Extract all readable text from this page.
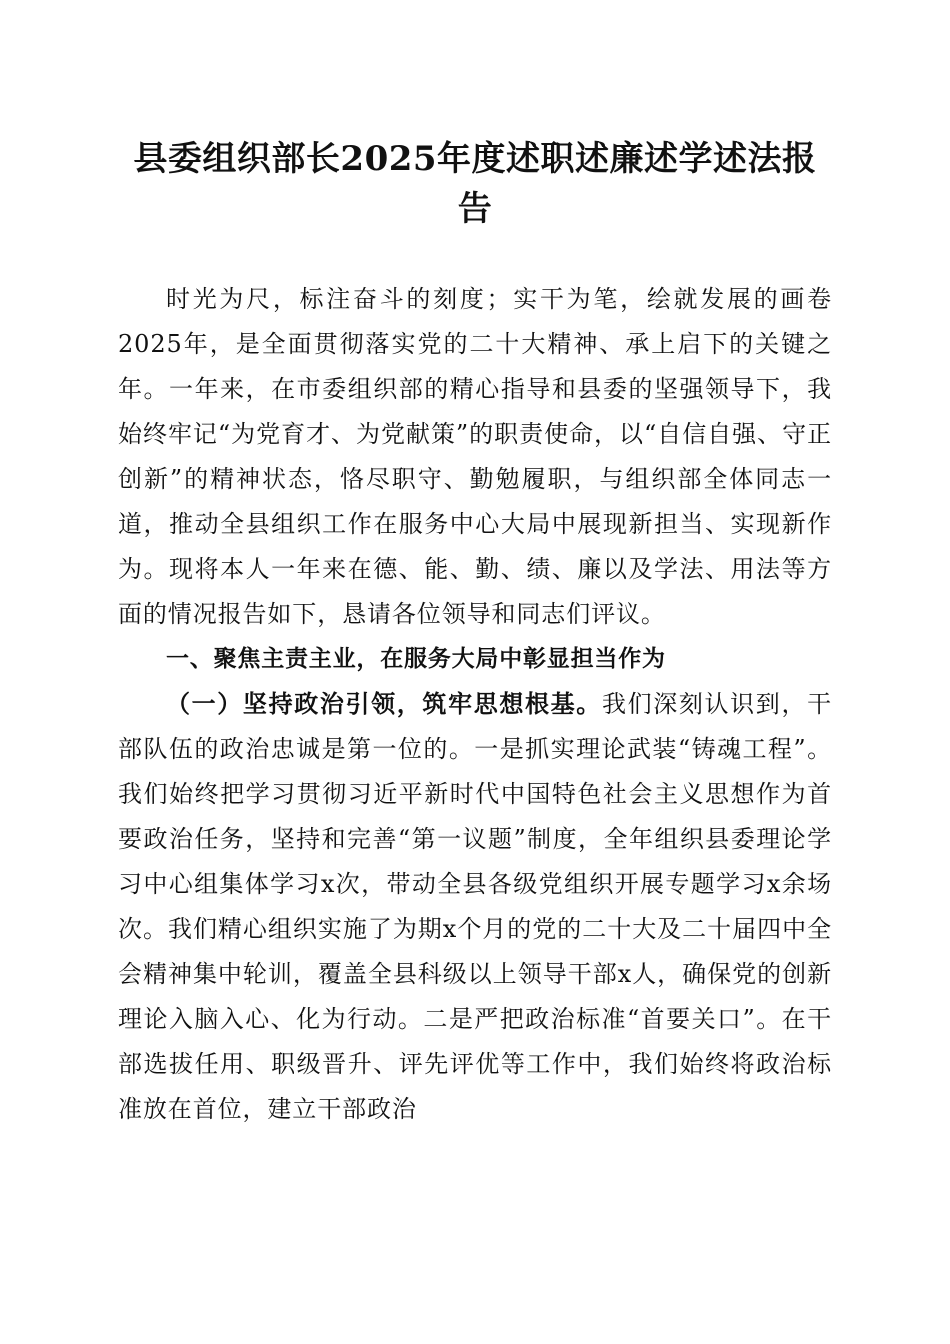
县委组织部长2025年度述职述廉述学述法报告

时光为尺，标注奋斗的刻度；实干为笔，绘就发展的画卷2025年，是全面贯彻落实党的二十大精神、承上启下的关键之年。一年来，在市委组织部的精心指导和县委的坚强领导下，我始终牢记“为党育才、为党献策”的职责使命，以“自信自强、守正创新”的精神状态，恪尽职守、勤勉履职，与组织部全体同志一道，推动全县组织工作在服务中心大局中展现新担当、实现新作为。现将本人一年来在德、能、勤、绩、廉以及学法、用法等方面的情况报告如下，恳请各位领导和同志们评议。

一、聚焦主责主业，在服务大局中彰显担当作为

（一）坚持政治引领，筑牢思想根基。我们深刻认识到，干部队伍的政治忠诚是第一位的。一是抓实理论武装“铸魂工程”。我们始终把学习贯彻习近平新时代中国特色社会主义思想作为首要政治任务，坚持和完善“第一议题”制度，全年组织县委理论学习中心组集体学习x次，带动全县各级党组织开展专题学习x余场次。我们精心组织实施了为期x个月的党的二十大及二十届四中全会精神集中轮训，覆盖全县科级以上领导干部x人，确保党的创新理论入脑入心、化为行动。二是严把政治标准“首要关口”。在干部选拔任用、职级晋升、评先评优等工作中，我们始终将政治标准放在首位，建立干部政治
